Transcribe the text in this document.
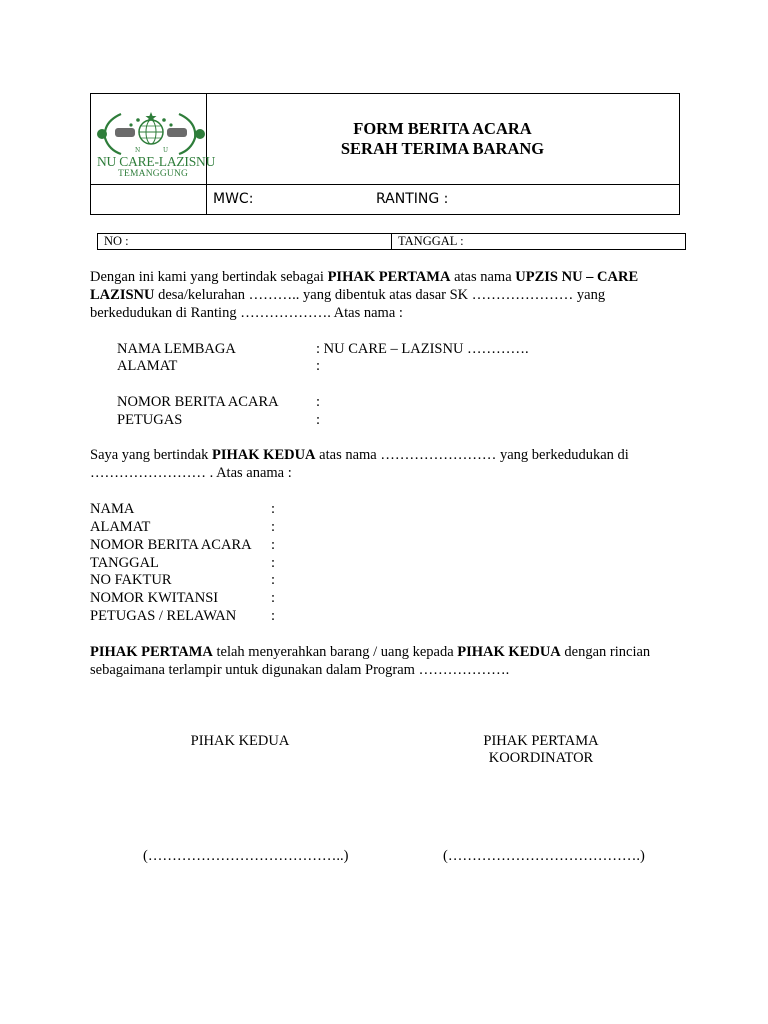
N	U
NU CARE-LAZISNU
TEMANGGUNG
FORM BERITA ACARA
SERAH TERIMA BARANG
MWC:	RANTING :
NO :	TANGGAL :
Dengan ini kami yang bertindak sebagai PIHAK PERTAMA atas nama UPZIS NU – CARE LAZISNU desa/kelurahan ……….. yang dibentuk atas dasar SK ………………… yang berkedudukan di Ranting ………………. Atas nama :
NAMA LEMBAGA	: NU CARE – LAZISNU ………….
ALAMAT	:
NOMOR BERITA ACARA	:
PETUGAS	:
Saya yang bertindak PIHAK KEDUA atas nama …………………… yang berkedudukan di …………………… . Atas anama :
NAMA	:
ALAMAT	:
NOMOR BERITA ACARA :
TANGGAL	:
NO FAKTUR	:
NOMOR KWITANSI	:
PETUGAS / RELAWAN :
PIHAK PERTAMA telah menyerahkan barang / uang kepada PIHAK KEDUA dengan rincian sebagaimana terlampir untuk digunakan dalam Program ……………….
PIHAK KEDUA	PIHAK PERTAMA
KOORDINATOR
(…………………………………..)	(………………………………….)
